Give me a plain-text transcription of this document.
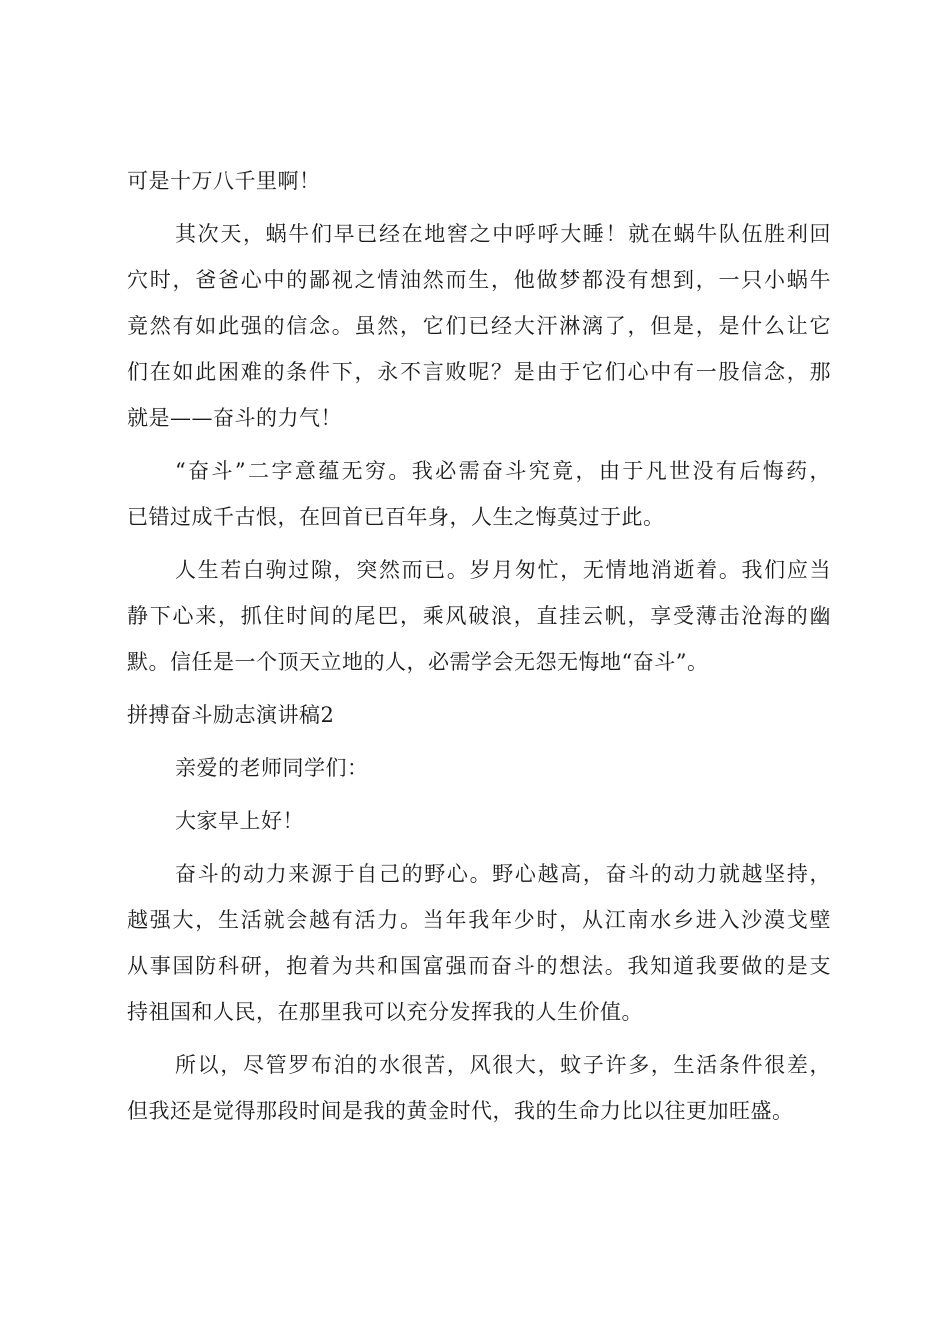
可是十万八千里啊！
其次天，蜗牛们早已经在地窖之中呼呼大睡！就在蜗牛队伍胜利回
穴时，爸爸心中的鄙视之情油然而生，他做梦都没有想到，一只小蜗牛
竟然有如此强的信念。虽然，它们已经大汗淋漓了，但是，是什么让它
们在如此困难的条件下，永不言败呢？是由于它们心中有一股信念，那
就是——奋斗的力气！
“奋斗”二字意蕴无穷。我必需奋斗究竟，由于凡世没有后悔药，
已错过成千古恨，在回首已百年身，人生之悔莫过于此。
人生若白驹过隙，突然而已。岁月匆忙，无情地消逝着。我们应当
静下心来，抓住时间的尾巴，乘风破浪，直挂云帆，享受薄击沧海的幽
默。信任是一个顶天立地的人，必需学会无怨无悔地“奋斗”。
拼搏奋斗励志演讲稿2
亲爱的老师同学们：
大家早上好！
奋斗的动力来源于自己的野心。野心越高，奋斗的动力就越坚持，
越强大，生活就会越有活力。当年我年少时，从江南水乡进入沙漠戈壁
从事国防科研，抱着为共和国富强而奋斗的想法。我知道我要做的是支
持祖国和人民，在那里我可以充分发挥我的人生价值。
所以，尽管罗布泊的水很苦，风很大，蚊子许多，生活条件很差，
但我还是觉得那段时间是我的黄金时代，我的生命力比以往更加旺盛。
